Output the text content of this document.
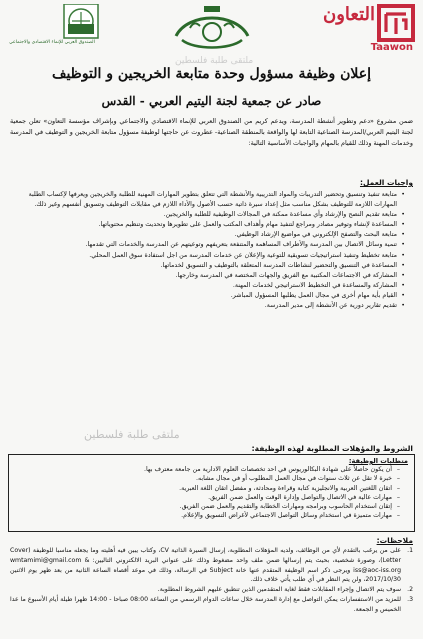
الصندوق العربي للإنماء الاقتصادي والاجتماعي
التعاون
Taawon
ملتقى طلبة فلسطين
إعلان وظيفة مسؤول وحدة متابعة الخريجين و التوظيف
صادر عن جمعية لجنة اليتيم العربي - القدس
ضمن مشروع «دعم وتطوير أنشطة المدرسة، ويدعم كريم من الصندوق العربي للإنماء الاقتصادي والاجتماعي وبإشراف مؤسسة التعاون» تعلن جمعية لجنة اليتيم العربي/المدرسة الصناعية التابعة لها والواقعة بالمنطقة الصناعية- عطروت عن حاجتها لوظيفة مسؤول متابعة الخريجين و التوظيف في المدرسة وخدمات المهنة وذلك للقيام بالمهام والواجبات الأساسية التالية:
واجبات العمل:
• متابعة تنفيذ وتنسيق وتحضير التدريبات والمواد التدريبية والأنشطة التي تتعلق بتطوير المهارات المهنية للطلبة والخريجين ويعرفها لإكساب الطلبة المهارات اللازمة للتوظيف بشكل مناسب مثل إعداد سيرة ذاتية حسب الأصول والأداء اللازم في مقابلات التوظيف وتسويق أنفسهم وغير ذلك.
• متابعة تقديم النصح والإرشاد وأي مساعدة ممكنة في المجالات الوظيفية للطلبة والخريجين.
• المساعدة لإنشاء وتوفير مصادر ومراجع لتنفيذ مهام وأهداف المكتب والعمل على تطويرها وتحديث وتنظيم محتوياتها.
• متابعة البحث والتصفح الإلكتروني في مواضيع الإرشاد الوظيفي.
• تنمية وسائل الاتصال بين المدرسة والأطراف المساهمة والمتنفعة بتعريفهم وتوعيتهم عن المدرسة والخدمات التي تقدمها.
• متابعة تخطيط وتنفيذ استراتيجيات تسويقية للتوعية والإعلان عن خدمات المدرسة من اجل استفادة سوق العمل المحلي.
• المساعدة في التنسيق والتحضير لنشاطات المدرسة المتعلقة بالتوظيف و التسويق لخدماتها.
• المشاركة في الاجتماعات المكتبية مع الفريق والجهات المختصة في المدرسة وخارجها.
• المشاركة والمساعدة في التخطيط الاستراتيجي لخدمات المهنة.
• القيام بأية مهام أخرى في مجال العمل يطلبها المسؤول المباشر.
• تقديم تقارير دورية عن الأنشطة إلى مدير المدرسة.
ملتقى طلبة فلسطين
الشروط والمؤهلات المطلوبة لهذه الوظيفة:
متطلبات الوظيفة:
– أن يكون حاصلاً على شهادة البكالوريوس في احد تخصصات العلوم الادارية من جامعة معترف بها.
– خبرة لا تقل عن ثلاث سنوات في مجال العمل المطلوب أو في مجال مشابه.
– اتقان اللغتين العربية والانجليزية كتابة وقراءة ومحادثة، و مفضل اتقان اللغة العبرية.
– مهارات عالية في الاتصال والتواصل وإدارة الوقت والعمل ضمن الفريق.
– إتقان استخدام الحاسوب وبرامجه ومهارات الخطابة والتقديم والعمل ضمن الفريق.
– مهارات متميزة في استخدام وسائل التواصل الاجتماعي لأغراض التسويق والإعلام.
ملاحظات:
1.
على من يرغب بالتقدم لأي من الوظائف، ولديه المؤهلات المطلوبة، إرسال السيرة الذاتية CV، وكتاب يبين فيه أهليته وما يجعله مناسبا للوظيفة (Cover Letter)، وصورة شخصية، بحيث يتم إرسالها ضمن ملف واحد مضغوط وذلك على عنواني البريد الالكتروني التاليين: wmtamimi@gmail.com & iss@aoc-iss.org ويرجى ذكر اسم الوظيفة المتقدم عنها خانة Subject في الرسالة، وذلك في موعد أقصاه الساعة الثانية من بعد ظهر يوم الاثنين 2017/10/30، ولن يتم النظر في أي طلب يأتي خلاف ذلك.
2.
سوف يتم الاتصال وإجراء المقابلات فقط لغاية المتقدمين الذين تنطبق عليهم الشروط المطلوبة.
3.
للمزيد من الاستفسارات يمكن التواصل مع إدارة المدرسة خلال ساعات الدوام الرسمي من الساعة 08:00 صباحا - 14:00 ظهرا طيلة أيام الأسبوع ما عدا الخميس و الجمعة.
